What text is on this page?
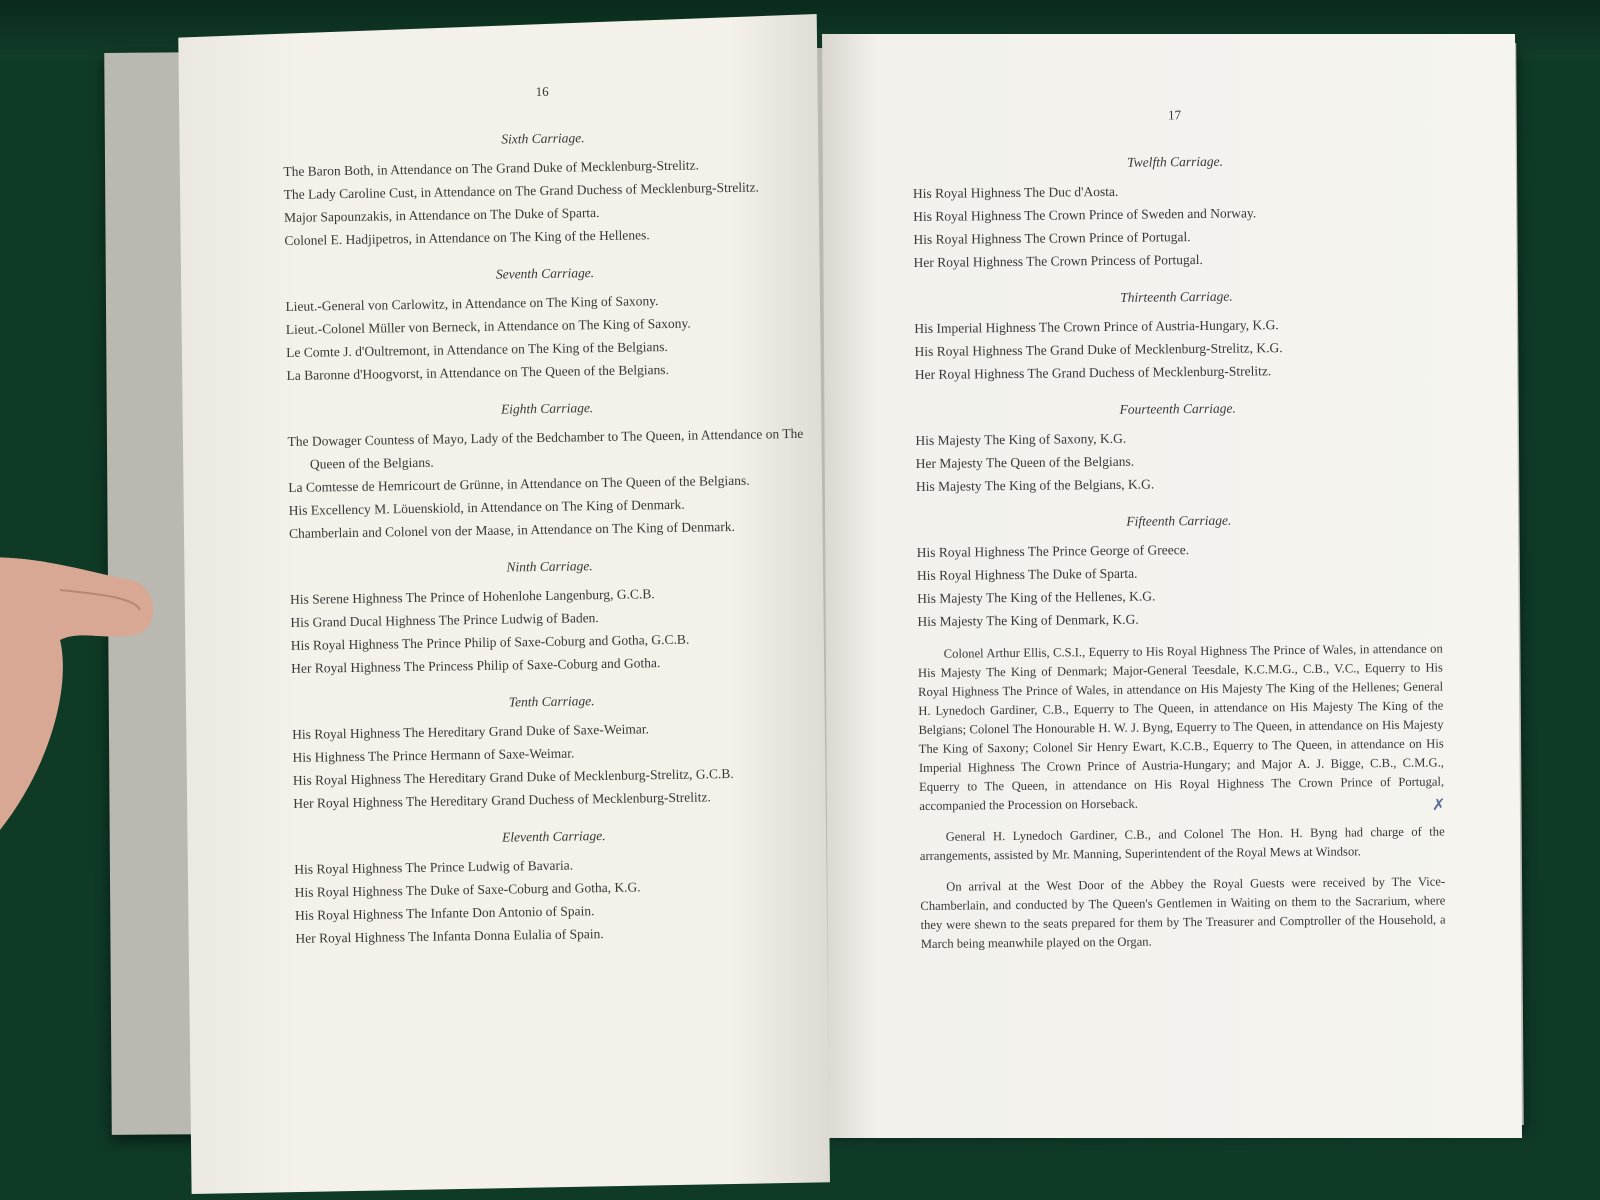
16
Sixth Carriage.
The Baron Both, in Attendance on The Grand Duke of Mecklenburg-Strelitz.
The Lady Caroline Cust, in Attendance on The Grand Duchess of Mecklenburg-Strelitz.
Major Sapounzakis, in Attendance on The Duke of Sparta.
Colonel E. Hadjipetros, in Attendance on The King of the Hellenes.
Seventh Carriage.
Lieut.-General von Carlowitz, in Attendance on The King of Saxony.
Lieut.-Colonel Müller von Berneck, in Attendance on The King of Saxony.
Le Comte J. d'Oultremont, in Attendance on The King of the Belgians.
La Baronne d'Hoogvorst, in Attendance on The Queen of the Belgians.
Eighth Carriage.
The Dowager Countess of Mayo, Lady of the Bedchamber to The Queen, in Attendance on The Queen of the Belgians.
La Comtesse de Hemricourt de Grünne, in Attendance on The Queen of the Belgians.
His Excellency M. Löuenskiold, in Attendance on The King of Denmark.
Chamberlain and Colonel von der Maase, in Attendance on The King of Denmark.
Ninth Carriage.
His Serene Highness The Prince of Hohenlohe Langenburg, G.C.B.
His Grand Ducal Highness The Prince Ludwig of Baden.
His Royal Highness The Prince Philip of Saxe-Coburg and Gotha, G.C.B.
Her Royal Highness The Princess Philip of Saxe-Coburg and Gotha.
Tenth Carriage.
His Royal Highness The Hereditary Grand Duke of Saxe-Weimar.
His Highness The Prince Hermann of Saxe-Weimar.
His Royal Highness The Hereditary Grand Duke of Mecklenburg-Strelitz, G.C.B.
Her Royal Highness The Hereditary Grand Duchess of Mecklenburg-Strelitz.
Eleventh Carriage.
His Royal Highness The Prince Ludwig of Bavaria.
His Royal Highness The Duke of Saxe-Coburg and Gotha, K.G.
His Royal Highness The Infante Don Antonio of Spain.
Her Royal Highness The Infanta Donna Eulalia of Spain.
17
Twelfth Carriage.
His Royal Highness The Duc d'Aosta.
His Royal Highness The Crown Prince of Sweden and Norway.
His Royal Highness The Crown Prince of Portugal.
Her Royal Highness The Crown Princess of Portugal.
Thirteenth Carriage.
His Imperial Highness The Crown Prince of Austria-Hungary, K.G.
His Royal Highness The Grand Duke of Mecklenburg-Strelitz, K.G.
Her Royal Highness The Grand Duchess of Mecklenburg-Strelitz.
Fourteenth Carriage.
His Majesty The King of Saxony, K.G.
Her Majesty The Queen of the Belgians.
His Majesty The King of the Belgians, K.G.
Fifteenth Carriage.
His Royal Highness The Prince George of Greece.
His Royal Highness The Duke of Sparta.
His Majesty The King of the Hellenes, K.G.
His Majesty The King of Denmark, K.G.
Colonel Arthur Ellis, C.S.I., Equerry to His Royal Highness The Prince of Wales, in attendance on His Majesty The King of Denmark; Major-General Teesdale, K.C.M.G., C.B., V.C., Equerry to His Royal Highness The Prince of Wales, in attendance on His Majesty The King of the Hellenes; General H. Lynedoch Gardiner, C.B., Equerry to The Queen, in attendance on His Majesty The King of the Belgians; Colonel The Honourable H. W. J. Byng, Equerry to The Queen, in attendance on His Majesty The King of Saxony; Colonel Sir Henry Ewart, K.C.B., Equerry to The Queen, in attendance on His Imperial Highness The Crown Prince of Austria-Hungary; and Major A. J. Bigge, C.B., C.M.G., Equerry to The Queen, in attendance on His Royal Highness The Crown Prince of Portugal, accompanied the Procession on Horseback.
General H. Lynedoch Gardiner, C.B., and Colonel The Hon. H. Byng had charge of the arrangements, assisted by Mr. Manning, Superintendent of the Royal Mews at Windsor.
On arrival at the West Door of the Abbey the Royal Guests were received by The Vice-Chamberlain, and conducted by The Queen's Gentlemen in Waiting on them to the Sacrarium, where they were shewn to the seats prepared for them by The Treasurer and Comptroller of the Household, a March being meanwhile played on the Organ.
✗
